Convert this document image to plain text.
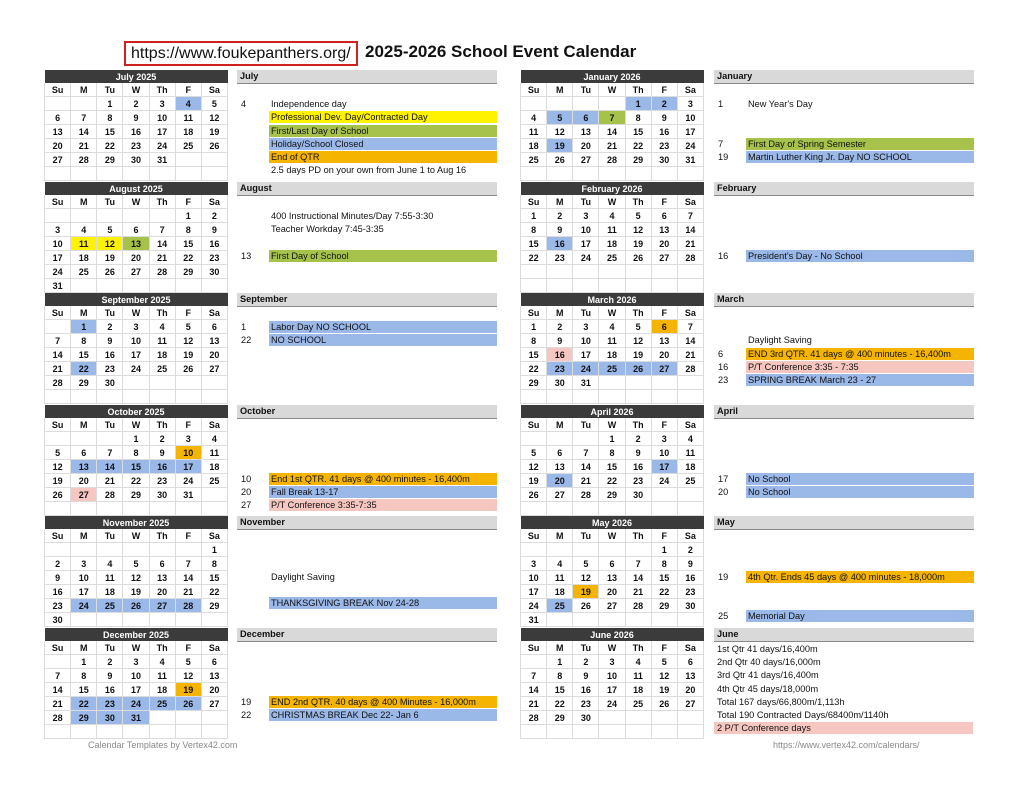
https://www.foukepanthers.org/ 2025-2026 School Event Calendar
July 2025						
Su	M	Tu	W	Th	F	Sa
		1	2	3	4	5
6	7	8	9	10	11	12
13	14	15	16	17	18	19
20	21	22	23	24	25	26
27	28	29	30	31		

August 2025						
Su	M	Tu	W	Th	F	Sa
					1	2
3	4	5	6	7	8	9
10	11	12	13	14	15	16
17	18	19	20	21	22	23
24	25	26	27	28	29	30
31						
September 2025						
Su	M	Tu	W	Th	F	Sa
	1	2	3	4	5	6
7	8	9	10	11	12	13
14	15	16	17	18	19	20
21	22	23	24	25	26	27
28	29	30				

October 2025						
Su	M	Tu	W	Th	F	Sa
			1	2	3	4
5	6	7	8	9	10	11
12	13	14	15	16	17	18
19	20	21	22	23	24	25
26	27	28	29	30	31	

November 2025						
Su	M	Tu	W	Th	F	Sa
						1
2	3	4	5	6	7	8
9	10	11	12	13	14	15
16	17	18	19	20	21	22
23	24	25	26	27	28	29
30						
December 2025						
Su	M	Tu	W	Th	F	Sa
	1	2	3	4	5	6
7	8	9	10	11	12	13
14	15	16	17	18	19	20
21	22	23	24	25	26	27
28	29	30	31			

January 2026						
Su	M	Tu	W	Th	F	Sa
				1	2	3
4	5	6	7	8	9	10
11	12	13	14	15	16	17
18	19	20	21	22	23	24
25	26	27	28	29	30	31

February 2026						
Su	M	Tu	W	Th	F	Sa
1	2	3	4	5	6	7
8	9	10	11	12	13	14
15	16	17	18	19	20	21
22	23	24	25	26	27	28

March 2026						
Su	M	Tu	W	Th	F	Sa
1	2	3	4	5	6	7
8	9	10	11	12	13	14
15	16	17	18	19	20	21
22	23	24	25	26	27	28
29	30	31				

April 2026						
Su	M	Tu	W	Th	F	Sa
			1	2	3	4
5	6	7	8	9	10	11
12	13	14	15	16	17	18
19	20	21	22	23	24	25
26	27	28	29	30		

May 2026						
Su	M	Tu	W	Th	F	Sa
					1	2
3	4	5	6	7	8	9
10	11	12	13	14	15	16
17	18	19	20	21	22	23
24	25	26	27	28	29	30
31						
June 2026						
Su	M	Tu	W	Th	F	Sa
	1	2	3	4	5	6
7	8	9	10	11	12	13
14	15	16	17	18	19	20
21	22	23	24	25	26	27
28	29	30				

July
4	Independence day
Professional Dev. Day/Contracted Day
First/Last Day of School
Holiday/School Closed
End of QTR
2.5 days PD on your own from June 1 to Aug 16
August
400 Instructional Minutes/Day 7:55-3:30
Teacher Workday 7:45-3:35
13	First Day of School
September
1	Labor Day NO SCHOOL
22	NO SCHOOL
October
10	End 1st QTR. 41 days @ 400 minutes - 16,400m
20	Fall Break 13-17
27	P/T Conference 3:35-7:35
November
Daylight Saving
THANKSGIVING BREAK Nov 24-28
December
19	END 2nd QTR. 40 days @ 400 Minutes - 16,000m
22	CHRISTMAS BREAK Dec 22- Jan 6
January
1	New Year's Day
7	First Day of Spring Semester
19	Martin Luther King Jr. Day NO SCHOOL
February
16	President's Day - No School
March
Daylight Saving
6	END 3rd QTR. 41 days @ 400 minutes - 16,400m
16	P/T Conference 3:35 - 7:35
23	SPRING BREAK March 23 - 27
April
17	No School
20	No School
May
19	4th Qtr. Ends 45 days @ 400 minutes - 18,000m
25	Memorial Day
June
1st Qtr 41 days/16,400m
2nd Qtr 40 days/16,000m
3rd Qtr 41 days/16,400m
4th Qtr 45 days/18,000m
Total 167 days/66,800m/1,113h
Total 190 Contracted Days/68400m/1140h
2 P/T Conference days
Calendar Templates by Vertex42.com	https://www.vertex42.com/calendars/
